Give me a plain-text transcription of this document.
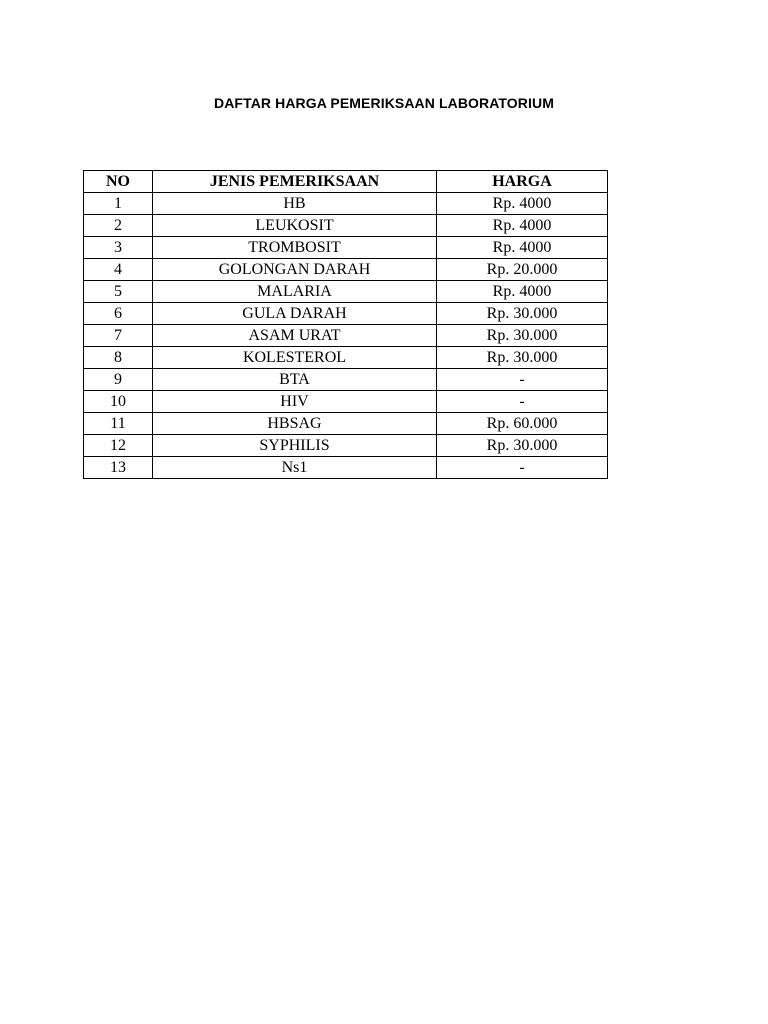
DAFTAR HARGA PEMERIKSAAN LABORATORIUM
NO	JENIS PEMERIKSAAN	HARGA
1	HB	Rp. 4000
2	LEUKOSIT	Rp. 4000
3	TROMBOSIT	Rp. 4000
4	GOLONGAN DARAH	Rp. 20.000
5	MALARIA	Rp. 4000
6	GULA DARAH	Rp. 30.000
7	ASAM URAT	Rp. 30.000
8	KOLESTEROL	Rp. 30.000
9	BTA	-
10	HIV	-
11	HBSAG	Rp. 60.000
12	SYPHILIS	Rp. 30.000
13	Ns1	-
